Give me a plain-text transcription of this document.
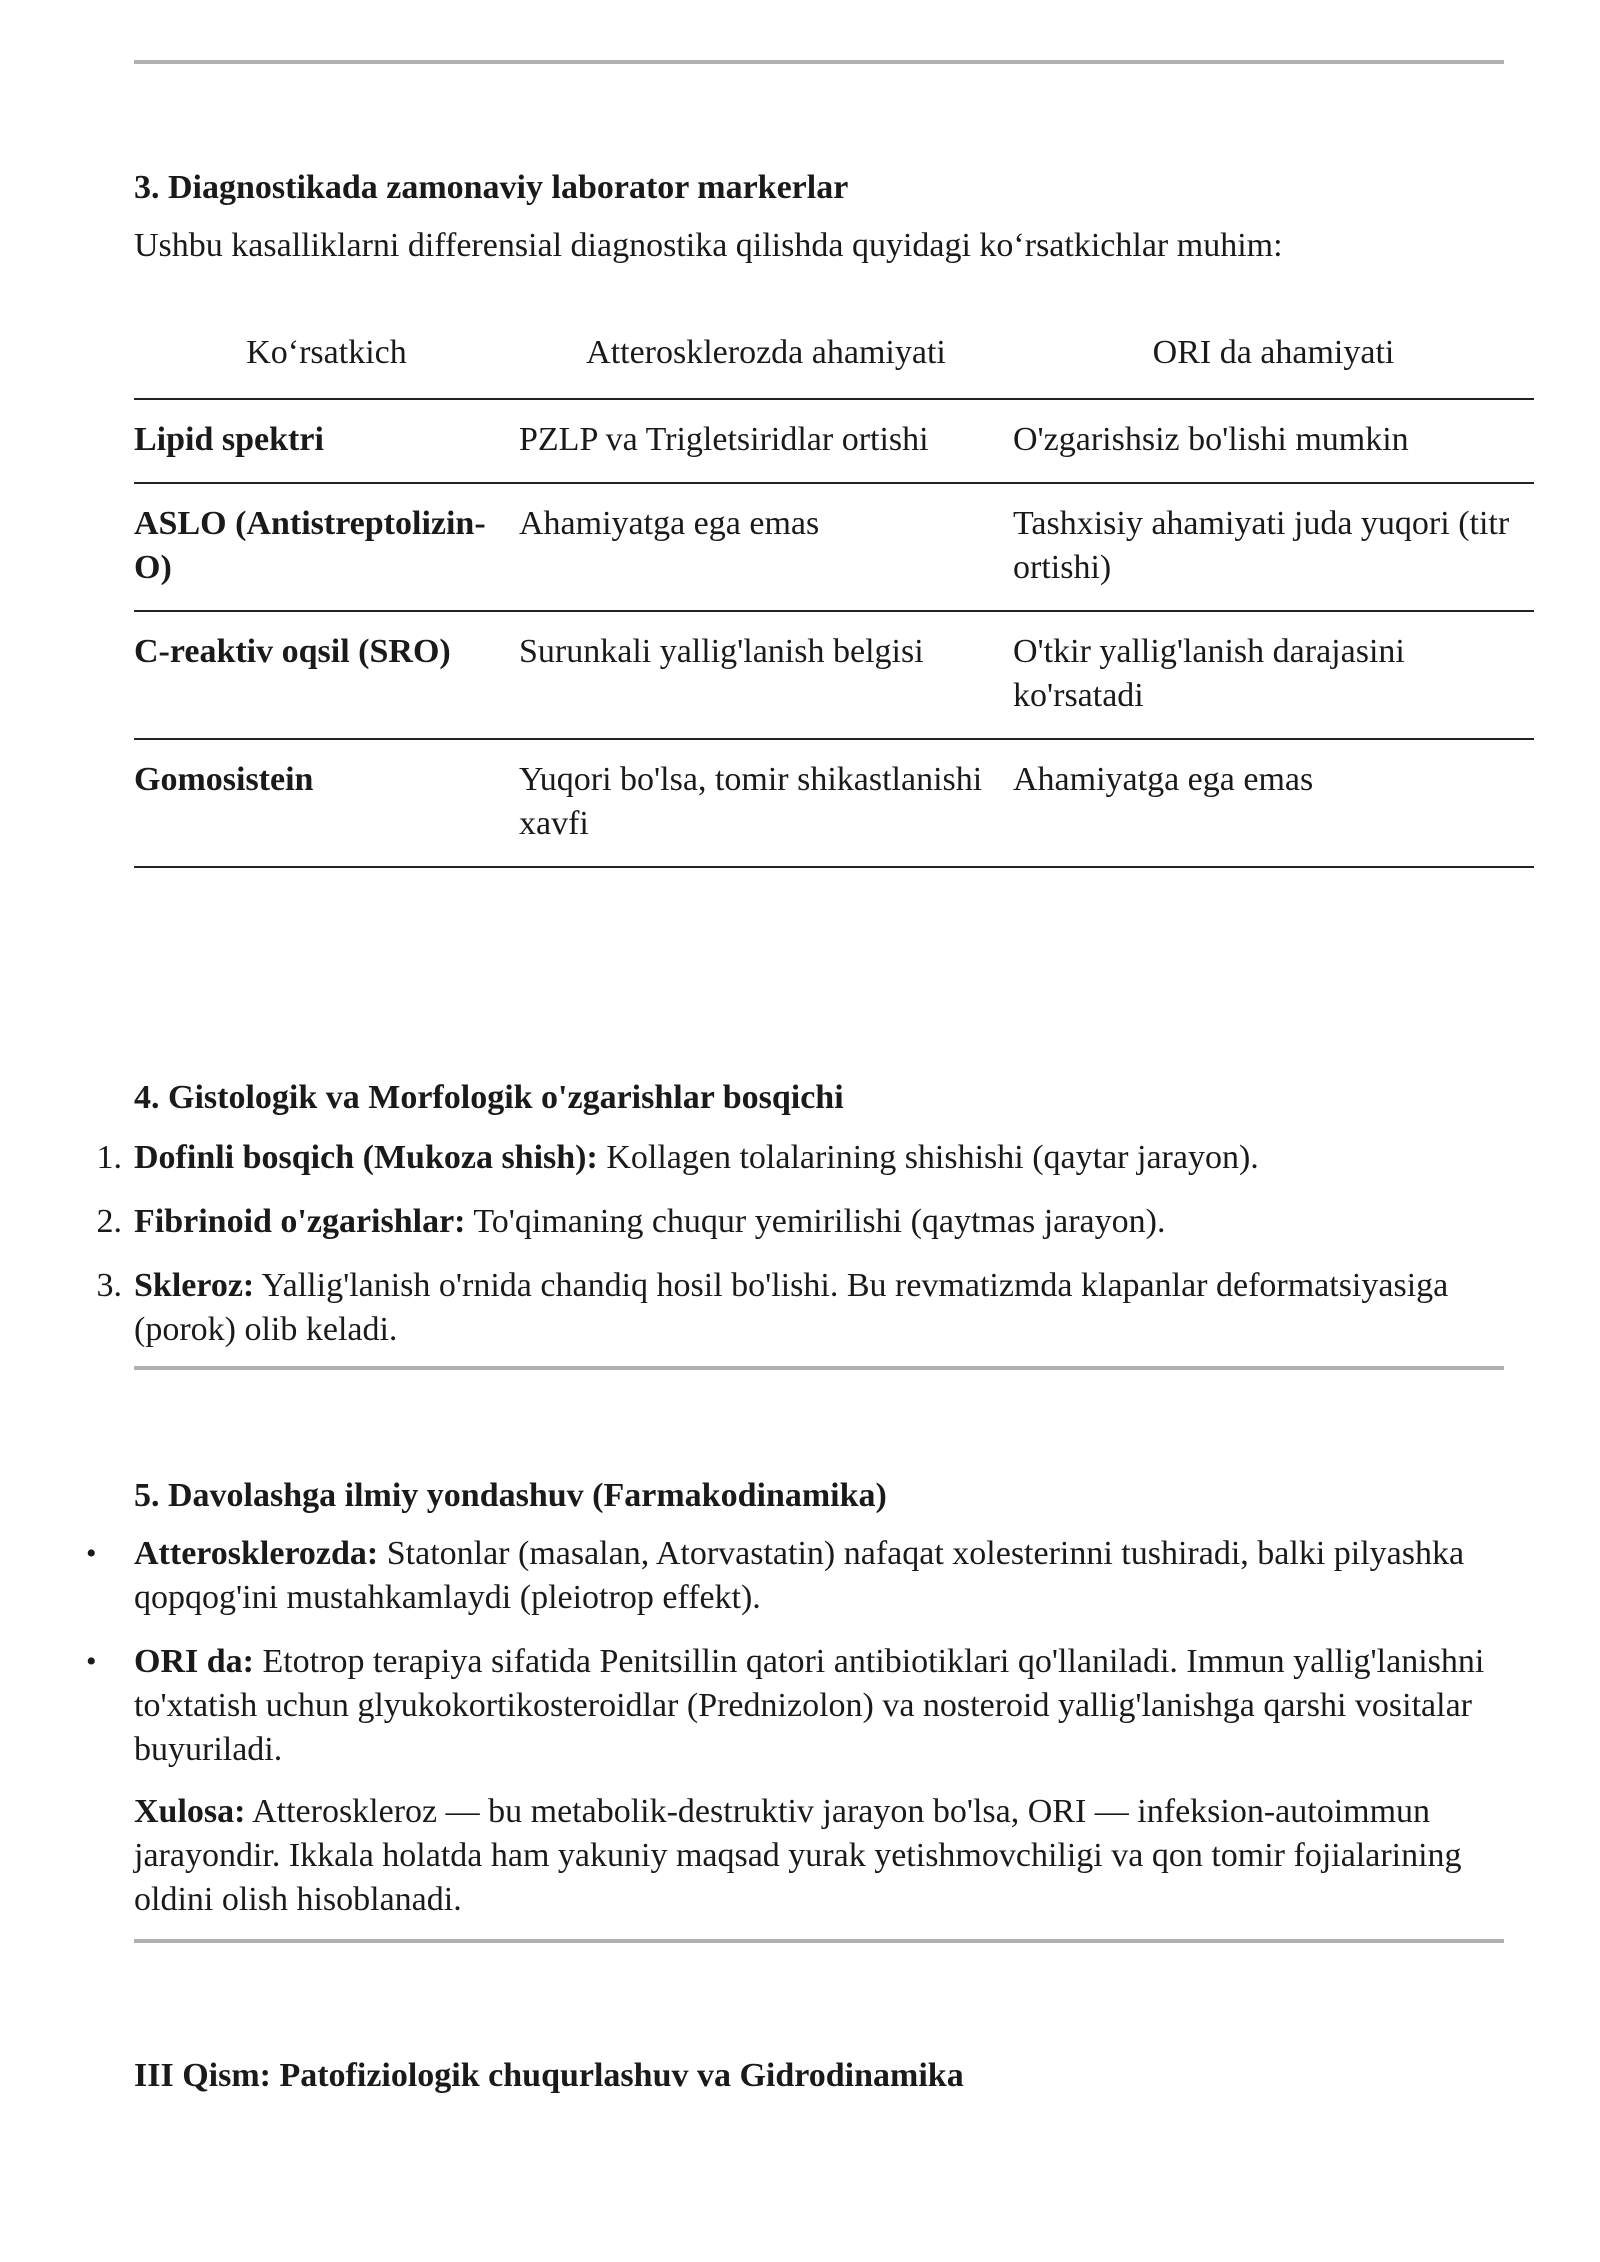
3. Diagnostikada zamonaviy laborator markerlar

Ushbu kasalliklarni differensial diagnostika qilishda quyidagi ko‘rsatkichlar muhim:

Ko‘rsatkich	Atterosklerozda ahamiyati	ORI da ahamiyati
Lipid spektri	PZLP va Trigletsiridlar ortishi	O'zgarishsiz bo'lishi mumkin
ASLO (Antistreptolizin-O)	Ahamiyatga ega emas	Tashxisiy ahamiyati juda yuqori (titr ortishi)
C-reaktiv oqsil (SRO)	Surunkali yallig'lanish belgisi	O'tkir yallig'lanish darajasini ko'rsatadi
Gomosistein	Yuqori bo'lsa, tomir shikastlanishi xavfi	Ahamiyatga ega emas
4. Gistologik va Morfologik o'zgarishlar bosqichi
1. Dofinli bosqich (Mukoza shish): Kollagen tolalarining shishishi (qaytar jarayon).
2. Fibrinoid o'zgarishlar: To'qimaning chuqur yemirilishi (qaytmas jarayon).
3. Skleroz: Yallig'lanish o'rnida chandiq hosil bo'lishi. Bu revmatizmda klapanlar deformatsiyasiga (porok) olib keladi.
5. Davolashga ilmiy yondashuv (Farmakodinamika)
• Atterosklerozda: Statonlar (masalan, Atorvastatin) nafaqat xolesterinni tushiradi, balki pilyashka qopqog'ini mustahkamlaydi (pleiotrop effekt).
• ORI da: Etotrop terapiya sifatida Penitsillin qatori antibiotiklari qo'llaniladi. Immun yallig'lanishni to'xtatish uchun glyukokortikosteroidlar (Prednizolon) va nosteroid yallig'lanishga qarshi vositalar buyuriladi.

Xulosa: Atteroskleroz — bu metabolik-destruktiv jarayon bo'lsa, ORI — infeksion-autoimmun jarayondir. Ikkala holatda ham yakuniy maqsad yurak yetishmovchiligi va qon tomir fojialarining oldini olish hisoblanadi.

III Qism: Patofiziologik chuqurlashuv va Gidrodinamika
